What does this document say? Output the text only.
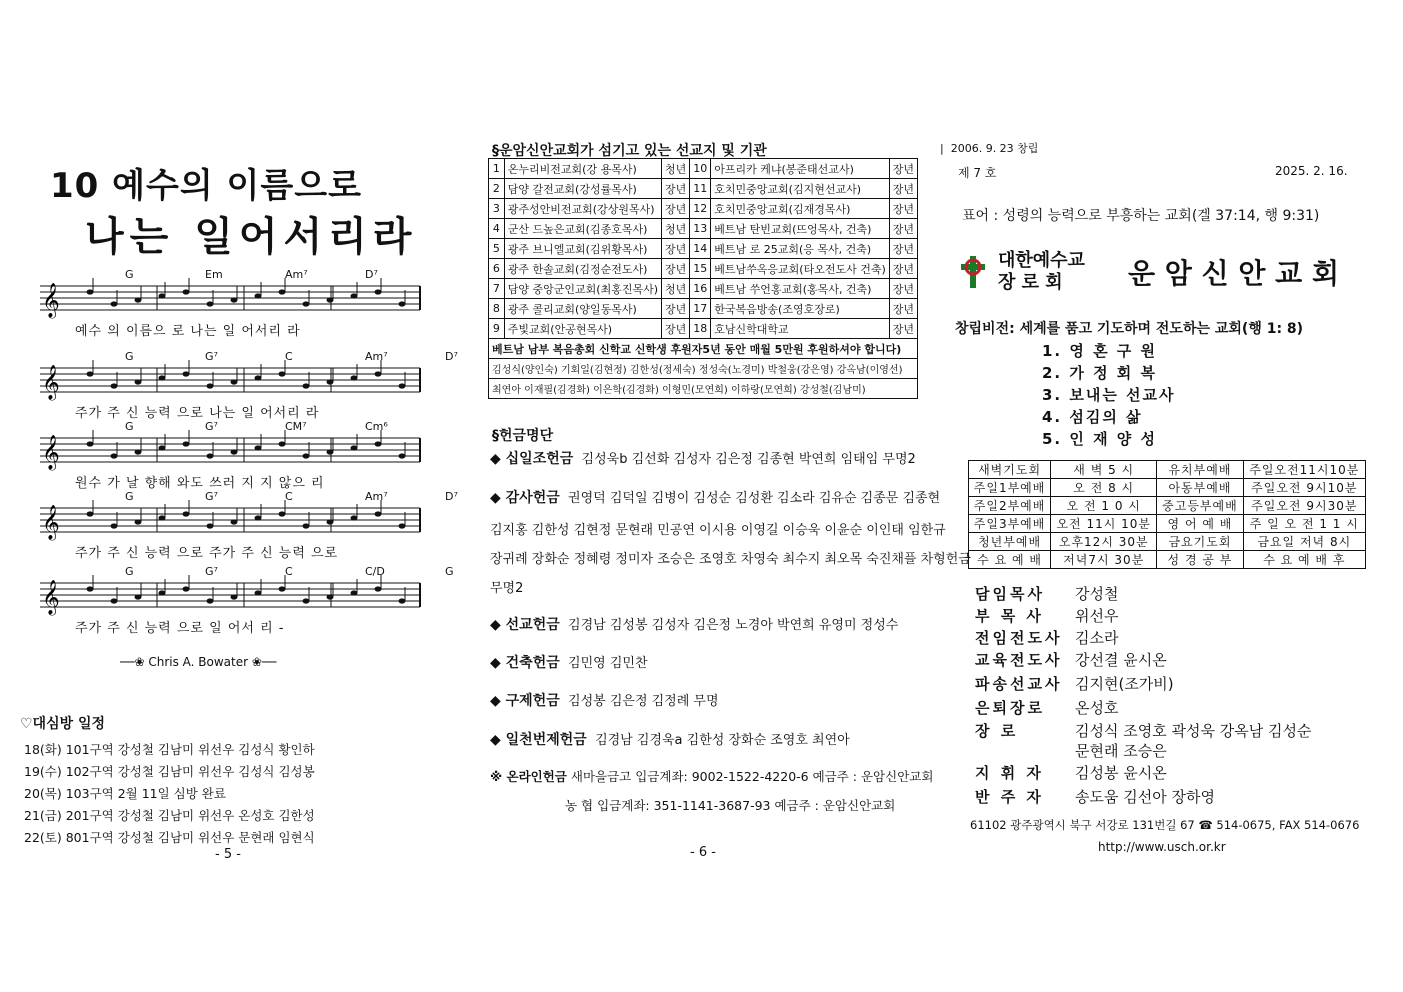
10 예수의 이름으로
나는 일어서리라
𝄞
G	Em	Am⁷	D⁷
예수 의 이름으 로 나는 일 어서리 라
𝄞
G	G⁷	C	Am⁷	D⁷
주가 주 신 능력 으로 나는 일 어서리 라
𝄞
G	G⁷	CM⁷	Cm⁶
원수 가 날 향해 와도 쓰러 지 지 않으 리
𝄞
G	G⁷	C	Am⁷	D⁷
주가 주 신 능력 으로 주가 주 신 능력 으로
𝄞
G	G⁷	C	C/D	G
주가 주 신 능력 으로 일 어서 리 -
──❀ Chris A. Bowater ❀──
♡대심방 일정
18(화) 101구역 강성철 김남미 위선우 김성식 황인하
19(수) 102구역 강성철 김남미 위선우 김성식 김성봉
20(목) 103구역 2월 11일 심방 완료
21(금) 201구역 강성철 김남미 위선우 온성호 김한성
22(토) 801구역 강성철 김남미 위선우 문현래 임현식
- 5 -
§운암신안교회가 섬기고 있는 선교지 및 기관
1	온누리비전교회(강 용목사)	청년	10	아프리카 케냐(봉준태선교사)	장년
2	담양 갈전교회(강성률목사)	장년	11	호치민중앙교회(김지현선교사)	장년
3	광주성안비전교회(강상원목사)	장년	12	호치민중앙교회(김재경목사)	장년
4	군산 드높은교회(김종호목사)	청년	13	베트남 탄빈교회(뜨엉목사, 건축)	장년
5	광주 브니엘교회(김위황목사)	장년	14	베트남 로 25교회(응 목사, 건축)	장년
6	광주 한솔교회(김정순전도사)	장년	15	베트남쑤옥응교회(타오전도사 건축)	장년
7	담양 중앙군인교회(최홍진목사)	청년	16	베트남 쑤언홍교회(홍목사, 건축)	장년
8	광주 콜리교회(양일동목사)	장년	17	한국복음방송(조영호장로)	장년
9	주빛교회(안공현목사)	장년	18	호남신학대학교	장년
베트남 남부 복음총회 신학교 신학생 후원자5년 동안 매월 5만원 후원하셔야 합니다)					
김성식(양인숙) 기회일(김현정) 김한성(정세숙) 정성숙(노경미) 박철웅(강은영) 강옥남(이영선)					
최연아 이재필(김경화) 이은학(김경화) 이형민(모연희) 이하랑(모연희) 강성철(김남미)					
§헌금명단
◆ 십일조헌금 김성욱b 김선화 김성자 김은정 김종현 박연희 임태임 무명2
◆ 감사헌금 권영덕 김덕일 김병이 김성순 김성환 김소라 김유순 김종문 김종현
김지홍 김한성 김현정 문현래 민공연 이시용 이영길 이승욱 이윤순 이인태 임한규
장귀례 장화순 정혜령 정미자 조승은 조영호 차영숙 최수지 최오목 숙진채플 차형헌금
무명2
◆ 선교헌금 김경남 김성봉 김성자 김은정 노경아 박연희 유영미 정성수
◆ 건축헌금 김민영 김민찬
◆ 구제헌금 김성봉 김은정 김정례 무명
◆ 일천번제헌금 김경남 김경욱a 김한성 장화순 조영호 최연아
※ 온라인헌금 새마을금고 입금계좌: 9002-1522-4220-6 예금주 : 운암신안교회
농 협 입금계좌: 351-1141-3687-93 예금주 : 운암신안교회
- 6 -
|  2006. 9. 23 창립
제 7 호	2025. 2. 16.
표어 : 성령의 능력으로 부흥하는 교회(겔 37:14, 행 9:31)
대한예수교
장 로 회	운 암 신 안 교 회
창립비전: 세계를 품고 기도하며 전도하는 교회(행 1: 8)
1. 영 혼 구 원
2. 가 정 회 복
3. 보내는 선교사
4. 섬김의 삶
5. 인 재 양 성
새벽기도회	새 벽 5 시	유치부예배	주일오전11시10분
주일1부예배	오 전 8 시	아동부예배	주일오전 9시10분
주일2부예배	오 전 1 0 시	중고등부예배	주일오전 9시30분
주일3부예배	오전 11시 10분	영 어 예 배	주 일 오 전 1 1 시
청년부예배	오후12시 30분	금요기도회	금요일 저녁 8시
수 요 예 배	저녁7시 30분	성 경 공 부	수 요 예 배 후
담임목사 강성철
부 목 사 위선우
전임전도사 김소라
교육전도사 강선결 윤시온
파송선교사 김지현(조가비)
은퇴장로 온성호
장 로	김성식 조영호 곽성욱 강옥남 김성순
문현래 조승은
지 휘 자 김성봉 윤시온
반 주 자 송도움 김선아 장하영
61102 광주광역시 북구 서강로 131번길 67 ☎ 514-0675, FAX 514-0676
http://www.usch.or.kr
